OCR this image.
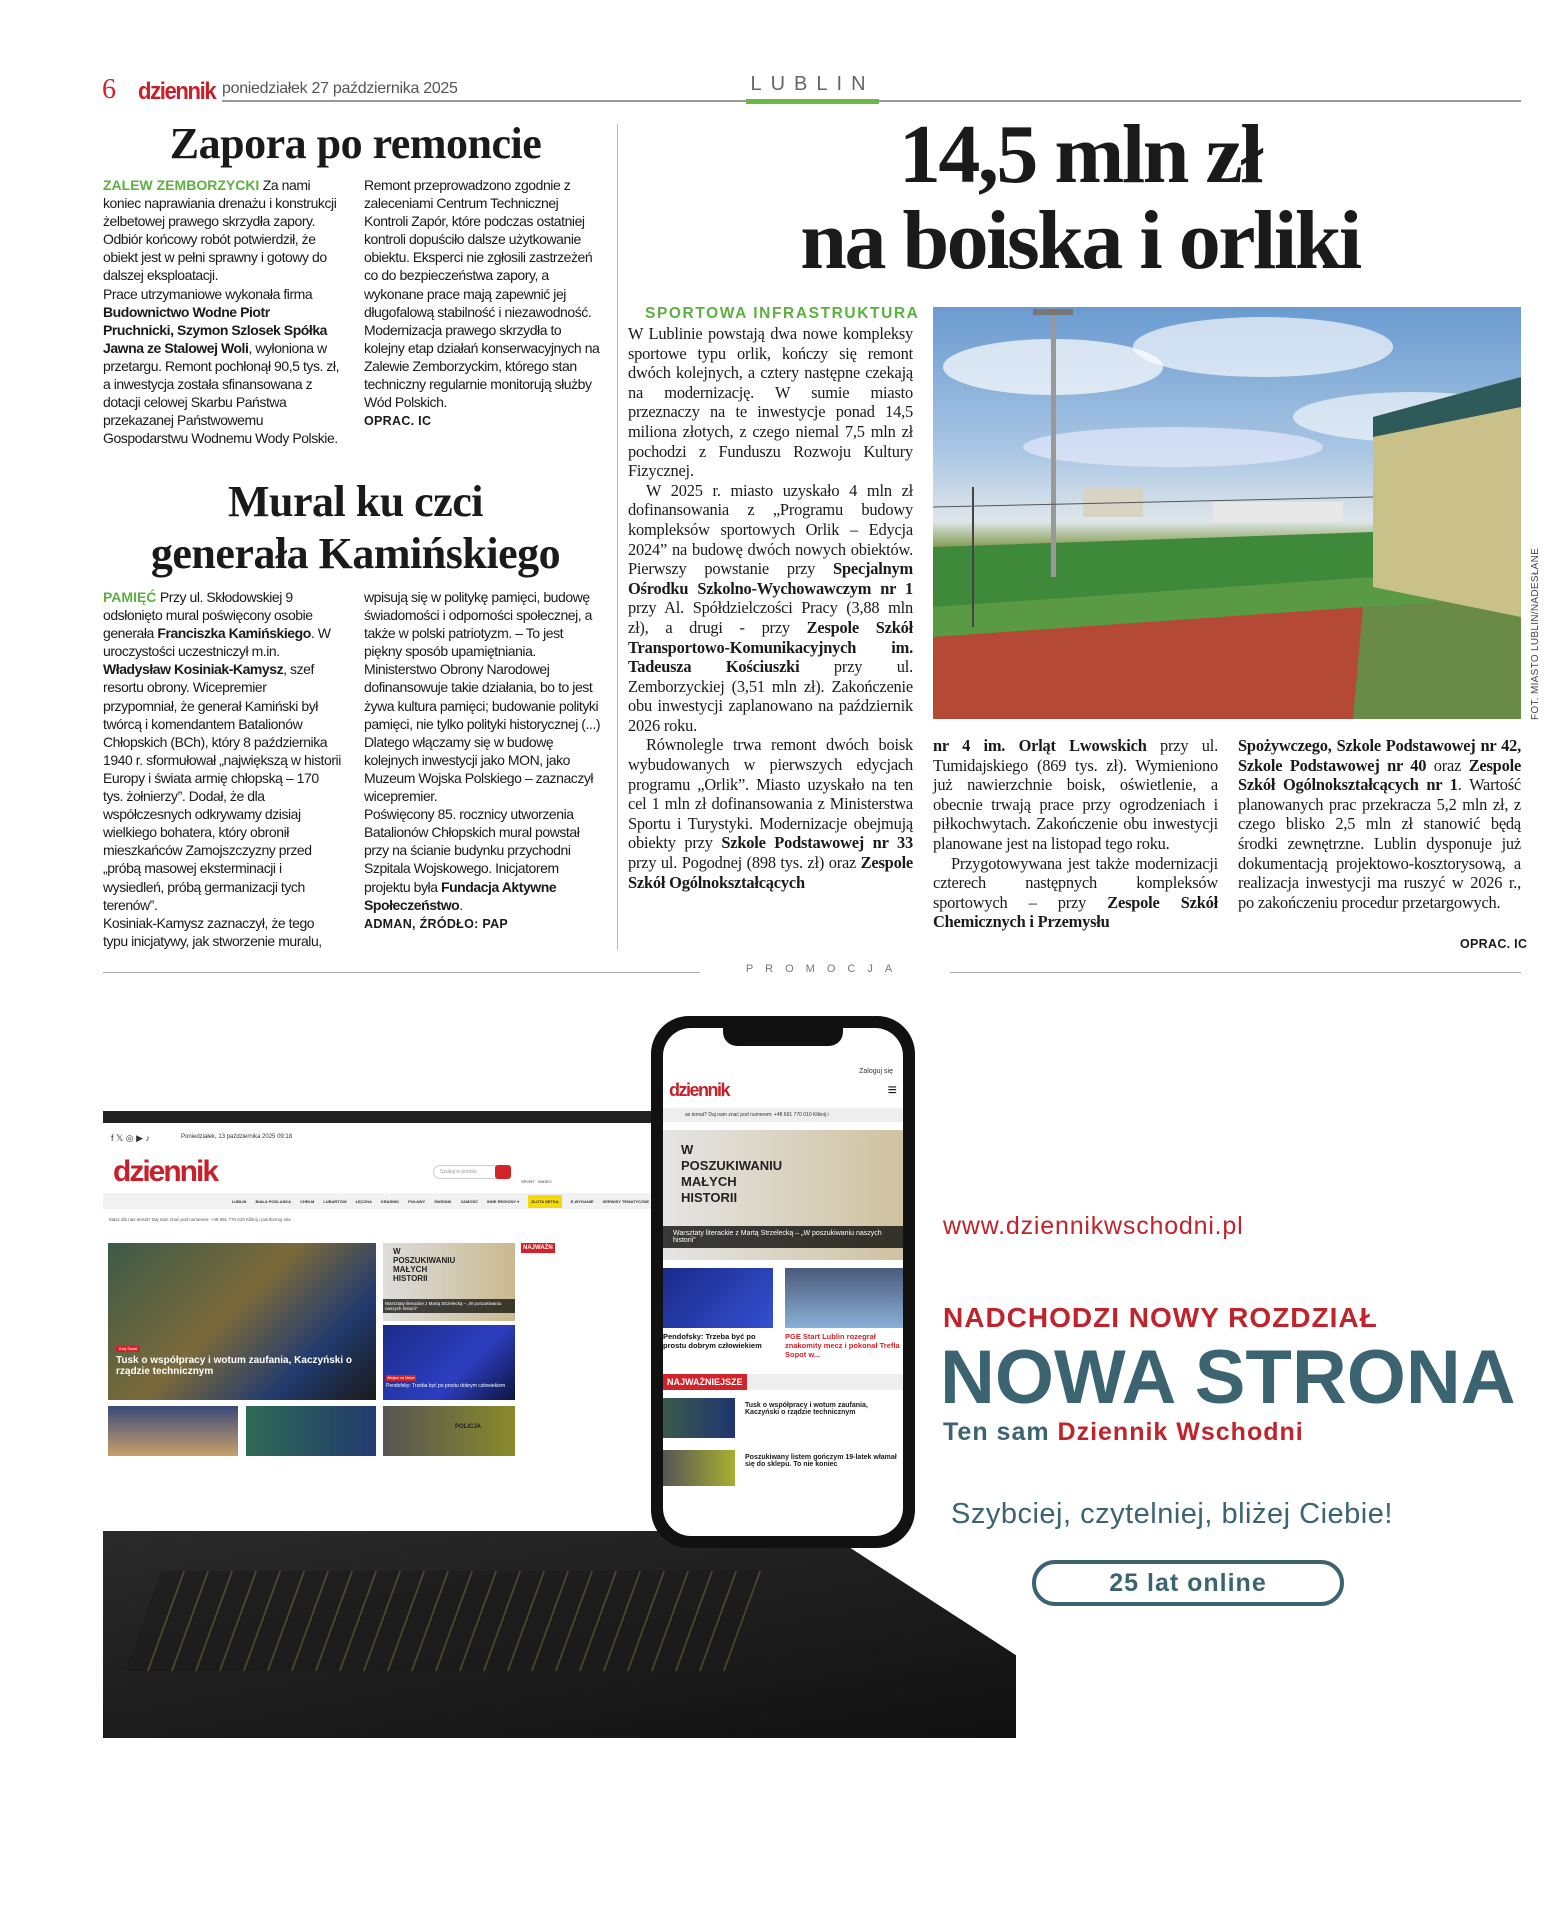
6 dziennik poniedziałek 27 października 2025	LUBLIN
Zapora po remoncie

ZALEW ZEMBORZYCKI Za nami koniec naprawiania drenażu i konstrukcji żelbetowej prawego skrzydła zapory. Odbiór końcowy robót potwierdził, że obiekt jest w pełni sprawny i gotowy do dalszej eksploatacji.

Prace utrzymaniowe wykonała firma Budownictwo Wodne Piotr Pruchnicki, Szymon Szlosek Spółka Jawna ze Stalowej Woli, wyłoniona w przetargu. Remont pochłonął 90,5 tys. zł, a inwestycja została sfinansowana z dotacji celowej Skarbu Państwa przekazanej Państwowemu Gospodarstwu Wodnemu Wody Polskie.

Remont przeprowadzono zgodnie z zaleceniami Centrum Technicznej Kontroli Zapór, które podczas ostatniej kontroli dopuściło dalsze użytkowanie obiektu. Eksperci nie zgłosili zastrzeżeń co do bezpieczeństwa zapory, a wykonane prace mają zapewnić jej długofalową stabilność i niezawodność.

Modernizacja prawego skrzydła to kolejny etap działań konserwacyjnych na Zalewie Zemborzyckim, którego stan techniczny regularnie monitorują służby Wód Polskich.

OPRAC. IC

Mural ku czci
generała Kamińskiego

PAMIĘĆ Przy ul. Skłodowskiej 9 odsłonięto mural poświęcony osobie generała Franciszka Kamińskiego. W uroczystości uczestniczył m.in. Władysław Kosiniak-Kamysz, szef resortu obrony. Wicepremier przypomniał, że generał Kamiński był twórcą i komendantem Batalionów Chłopskich (BCh), który 8 października 1940 r. sformułował „największą w historii Europy i świata armię chłopską – 170 tys. żołnierzy”. Dodał, że dla współczesnych odkrywamy dzisiaj wielkiego bohatera, który obronił mieszkańców Zamojszczyzny przed „próbą masowej eksterminacji i wysiedleń, próbą germanizacji tych terenów”.

Kosiniak-Kamysz zaznaczył, że tego typu inicjatywy, jak stworzenie muralu, wpisują się w politykę pamięci, budowę świadomości i odporności społecznej, a także w polski patriotyzm. – To jest piękny sposób upamiętniania. Ministerstwo Obrony Narodowej dofinansowuje takie działania, bo to jest żywa kultura pamięci; budowanie polityki pamięci, nie tylko polityki historycznej (...) Dlatego włączamy się w budowę kolejnych inwestycji jako MON, jako Muzeum Wojska Polskiego – zaznaczył wicepremier.

Poświęcony 85. rocznicy utworzenia Batalionów Chłopskich mural powstał przy na ścianie budynku przychodni Szpitala Wojskowego. Inicjatorem projektu była Fundacja Aktywne Społeczeństwo.

ADMAN, ŹRÓDŁO: PAP

14,5 mln zł
na boiska i orliki
SPORTOWA INFRASTRUKTURA

W Lublinie powstają dwa nowe kompleksy sportowe typu orlik, kończy się remont dwóch kolejnych, a cztery następne czekają na modernizację. W sumie miasto przeznaczy na te inwestycje ponad 14,5 miliona złotych, z czego niemal 7,5 mln zł pochodzi z Funduszu Rozwoju Kultury Fizycznej.

W 2025 r. miasto uzyskało 4 mln zł dofinansowania z „Programu budowy kompleksów sportowych Orlik – Edycja 2024” na budowę dwóch nowych obiektów. Pierwszy powstanie przy Specjalnym Ośrodku Szkolno-Wychowawczym nr 1 przy Al. Spółdzielczości Pracy (3,88 mln zł), a drugi - przy Zespole Szkół Transportowo-Komunikacyjnych im. Tadeusza Kościuszki przy ul. Zemborzyckiej (3,51 mln zł). Zakończenie obu inwestycji zaplanowano na październik 2026 roku.

Równolegle trwa remont dwóch boisk wybudowanych w pierwszych edycjach programu „Orlik”. Miasto uzyskało na ten cel 1 mln zł dofinansowania z Ministerstwa Sportu i Turystyki. Modernizacje obejmują obiekty przy Szkole Podstawowej nr 33 przy ul. Pogodnej (898 tys. zł) oraz Zespole Szkół Ogólnokształcących

nr 4 im. Orląt Lwowskich przy ul. Tumidajskiego (869 tys. zł). Wymieniono już nawierzchnie boisk, oświetlenie, a obecnie trwają prace przy ogrodzeniach i piłkochwytach. Zakończenie obu inwestycji planowane jest na listopad tego roku.

Przygotowywana jest także modernizacji czterech następnych kompleksów sportowych – przy Zespole Szkół Chemicznych i Przemysłu

Spożywczego, Szkole Podstawowej nr 42, Szkole Podstawowej nr 40 oraz Zespole Szkół Ogólnokształcących nr 1. Wartość planowanych prac przekracza 5,2 mln zł, z czego blisko 2,5 mln zł stanowić będą środki zewnętrzne. Lublin dysponuje już dokumentacją projektowo-kosztorysową, a realizacja inwestycji ma ruszyć w 2026 r., po zakończeniu procedur przetargowych.

OPRAC. IC
FOT. MIASTO LUBLIN/NADESŁANE
PROMOCJA
f 𝕏 ◎ ▶ ♪	Poniedziałek, 13 października 2025 09:18
dziennik	Szukaj w portalu
SPORT WIDEO
LUBLIN BIAŁA PODLASKA CHEŁM LUBARTÓW ŁĘCZNA KRAŚNIK PUŁAWY ŚWIDNIK ZAMOŚĆ INNE REGIONY ▾	ZŁOTA SETKA	E-WYDANIE SERWISY TEMATYCZNE
Masz dla nas temat? Daj nam znać pod numerem: +48 691 770 010 Kliknij i poinformuj nas
Kraj Świat
Tusk o współpracy i wotum zaufania, Kaczyński o rządzie technicznym
W POSZUKIWANIU MAŁYCH HISTORII
Warsztaty literackie z Martą Strzelecką – „W poszukiwaniu naszych historii”
Wiejsce na Nicker
Pendofsky: Trzeba być po prostu dobrym człowiekiem
NAJWAŻN
POLICJA
Zaloguj się
dziennik	≡
as temat? Daj nam znać pod numerem: +48 691 770 010 Kliknij i
W POSZUKIWANIU MAŁYCH HISTORII
Warsztaty literackie z Martą Strzelecką – „W poszukiwaniu naszych historii”
Pendofsky: Trzeba być po prostu dobrym człowiekiem
PGE Start Lublin rozegrał znakomity mecz i pokonał Trefla Sopot w...
NAJWAŻNIEJSZE
Tusk o współpracy i wotum zaufania, Kaczyński o rządzie technicznym
Poszukiwany listem gończym 19-latek włamał się do sklepu. To nie koniec
www.dziennikwschodni.pl
NADCHODZI NOWY ROZDZIAŁ
NOWA STRONA
Ten sam Dziennik Wschodni
Szybciej, czytelniej, bliżej Ciebie!
25 lat online
